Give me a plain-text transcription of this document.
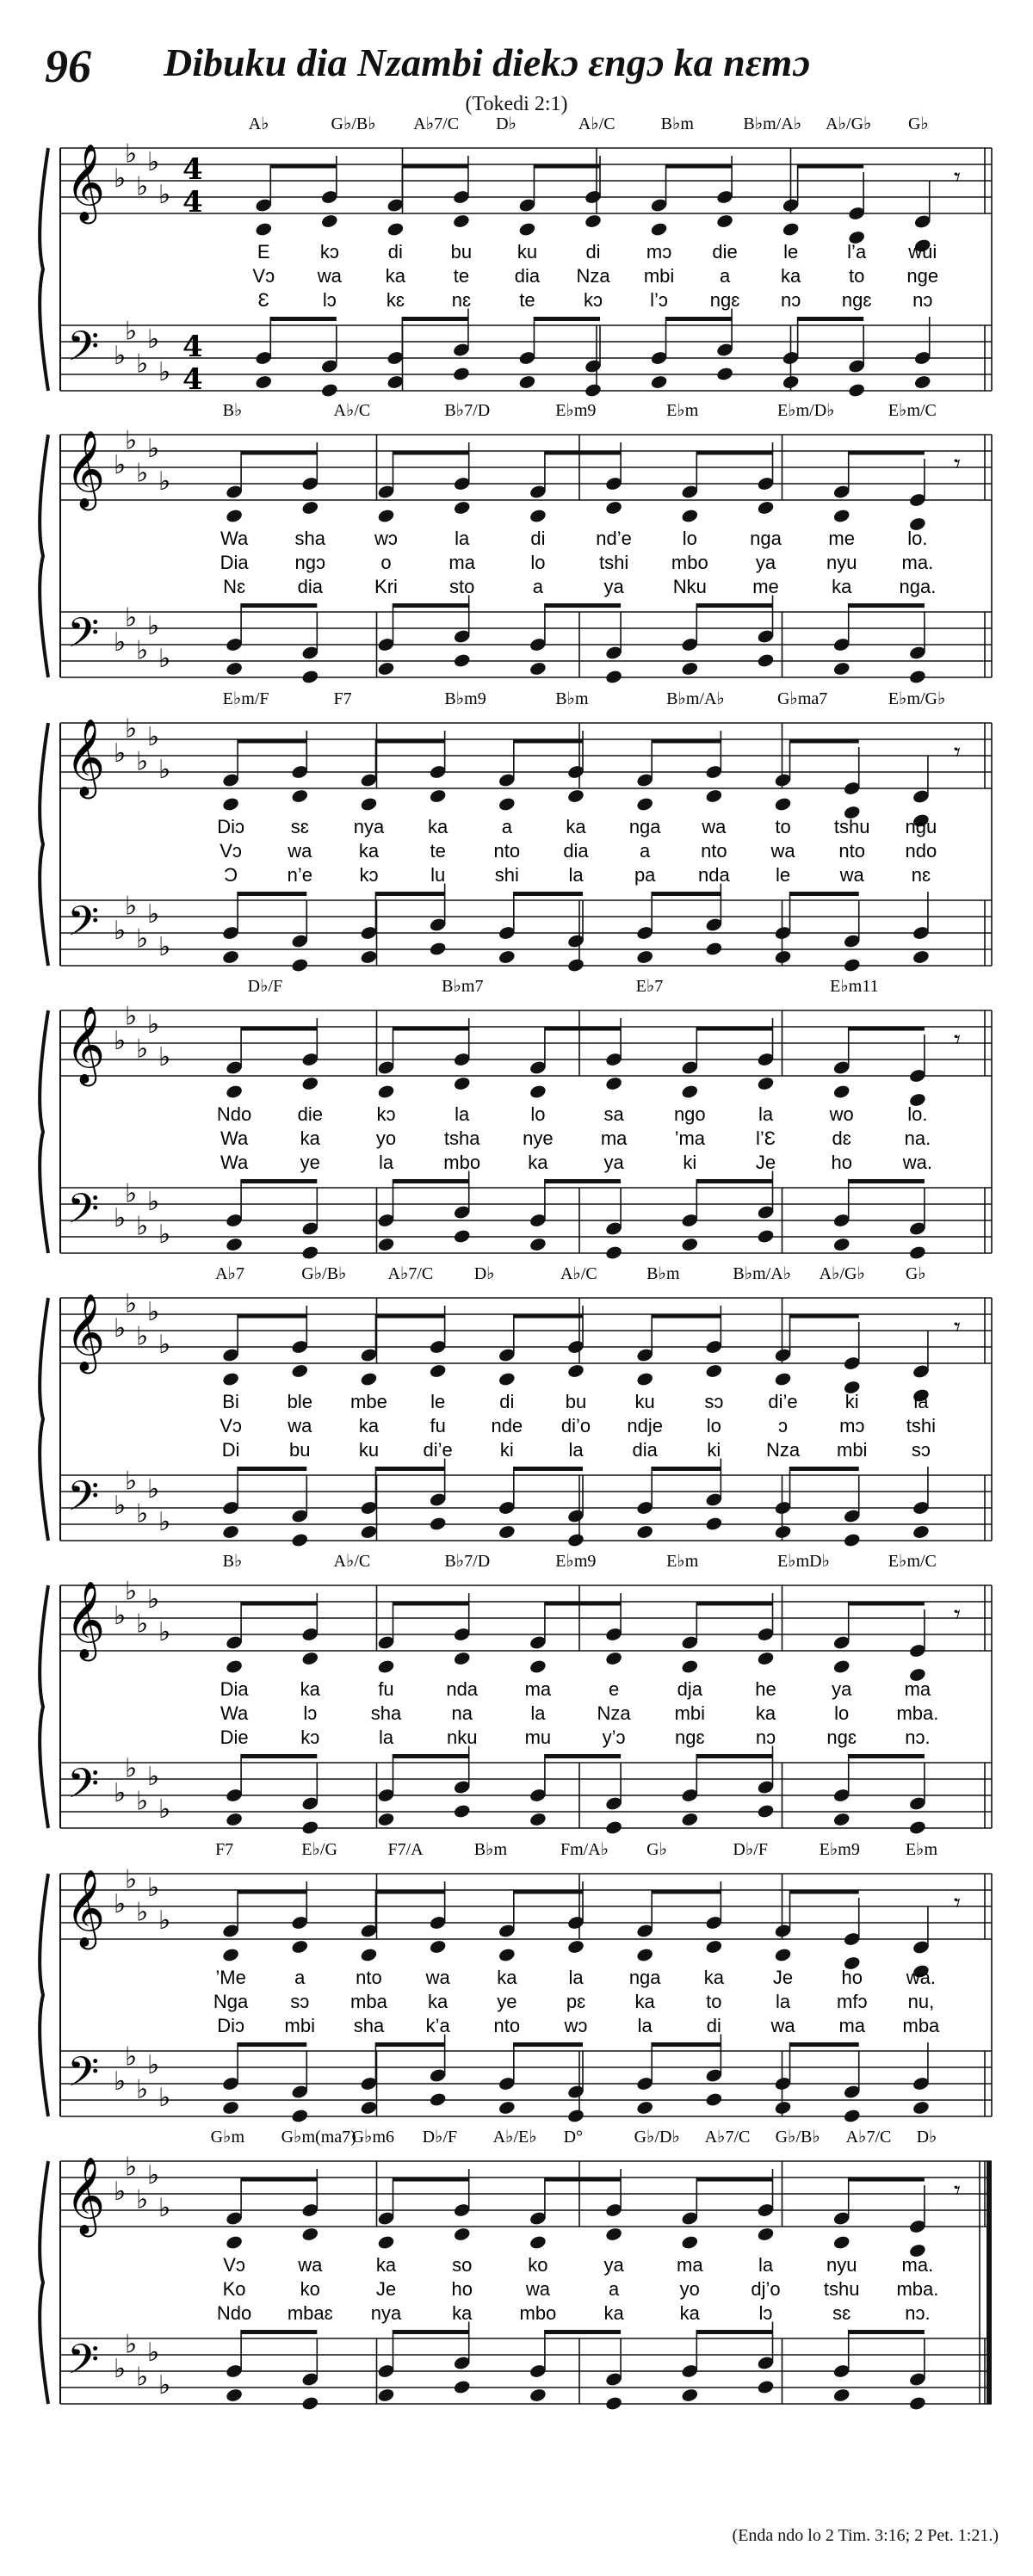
96 Dibuku dia Nzambi diekɔ ɛngɔ ka nɛmɔ
(Tokedi 2:1)
𝄞
𝄢
♭
♭
♭
♭
♭
♭
♭
♭
♭
♭
4
4
4
4
A♭	G♭/B♭ A♭7/C D♭	A♭/C	B♭m	B♭m/A♭ A♭/G♭ G♭
𝄾
E	kɔ	di	bu ku	di mɔ die le	l’a wui
Vɔ wa ka	te dia Nza mbi a	ka	to nge
Ɛ	lɔ	kɛ nɛ	te	kɔ	l’ɔ ngɛ nɔ ngɛ nɔ
𝄞
𝄢
♭
♭
♭
♭
♭
♭
♭
♭
♭
♭
B♭	A♭/C	B♭7/D	E♭m9	E♭m	E♭m/D♭	E♭m/C
𝄾
Wa sha	wɔ	la	di	nd’e	lo	nga me	lo.
Dia ngɔ	o	ma	lo	tshi mbo	ya	nyu ma.
Nɛ	dia	Kri	sto	a	ya	Nku me	ka	nga.
𝄞
𝄢
♭
♭
♭
♭
♭
♭
♭
♭
♭
♭
E♭m/F	F7	B♭m9	B♭m	B♭m/A♭	G♭ma7	E♭m/G♭
𝄾
Diɔ sɛ nya ka	a	ka nga wa	to tshu ngu
Vɔ wa ka	te	nto dia	a	nto wa nto ndo
Ɔ	n’e kɔ	lu	shi	la	pa nda le	wa nɛ
𝄞
𝄢
♭
♭
♭
♭
♭
♭
♭
♭
♭
♭
D♭/F	B♭m7	E♭7	E♭m11
𝄾
Ndo die	kɔ	la	lo	sa	ngo	la	wo	lo.
Wa	ka	yo	tsha nye	ma	’ma	l’Ɛ	dɛ	na.
Wa	ye	la	mbo	ka	ya	ki	Je	ho	wa.
𝄞
𝄢
♭
♭
♭
♭
♭
♭
♭
♭
♭
♭
A♭7	G♭/B♭ A♭7/C D♭	A♭/C	B♭m	B♭m/A♭ A♭/G♭ G♭
𝄾
Bi	ble mbe le	di	bu	ku	sɔ di’e	ki	la
Vɔ wa ka	fu nde di’o ndje lo	ɔ	mɔ tshi
Di	bu	ku di’e	ki	la	dia	ki Nza mbi sɔ
𝄞
𝄢
♭
♭
♭
♭
♭
♭
♭
♭
♭
♭
B♭	A♭/C	B♭7/D	E♭m9	E♭m	E♭mD♭	E♭m/C
𝄾
Dia	ka	fu	nda ma	e	dja	he	ya	ma
Wa	lɔ	sha	na	la	Nza mbi	ka	lo	mba.
Die	kɔ	la	nku	mu	y’ɔ	ngɛ	nɔ	ngɛ	nɔ.
𝄞
𝄢
♭
♭
♭
♭
♭
♭
♭
♭
♭
♭
F7	E♭/G	F7/A	B♭m	Fm/A♭ G♭	D♭/F	E♭m9	E♭m
𝄾
’Me	a	nto wa ka	la nga ka	Je	ho wa.
Nga sɔ mba ka	ye	pɛ	ka	to	la mfɔ nu,
Diɔ mbi sha k’a nto wɔ	la	di	wa ma mba
𝄞
𝄢
♭
♭
♭
♭
♭
♭
♭
♭
♭
♭
G♭m G♭m(ma7)
G♭m6 D♭/F A♭/E♭ D°	G♭/D♭ A♭7/C G♭/B♭ A♭7/C D♭
𝄾
Vɔ	wa	ka	so	ko	ya	ma	la	nyu ma.
Ko	ko	Je	ho	wa	a	yo	dj’o tshu mba.
Ndo mbaɛ nya	ka	mbo	ka	ka	lɔ	sɛ	nɔ.
(Enda ndo lo 2 Tim. 3:16; 2 Pet. 1:21.)
